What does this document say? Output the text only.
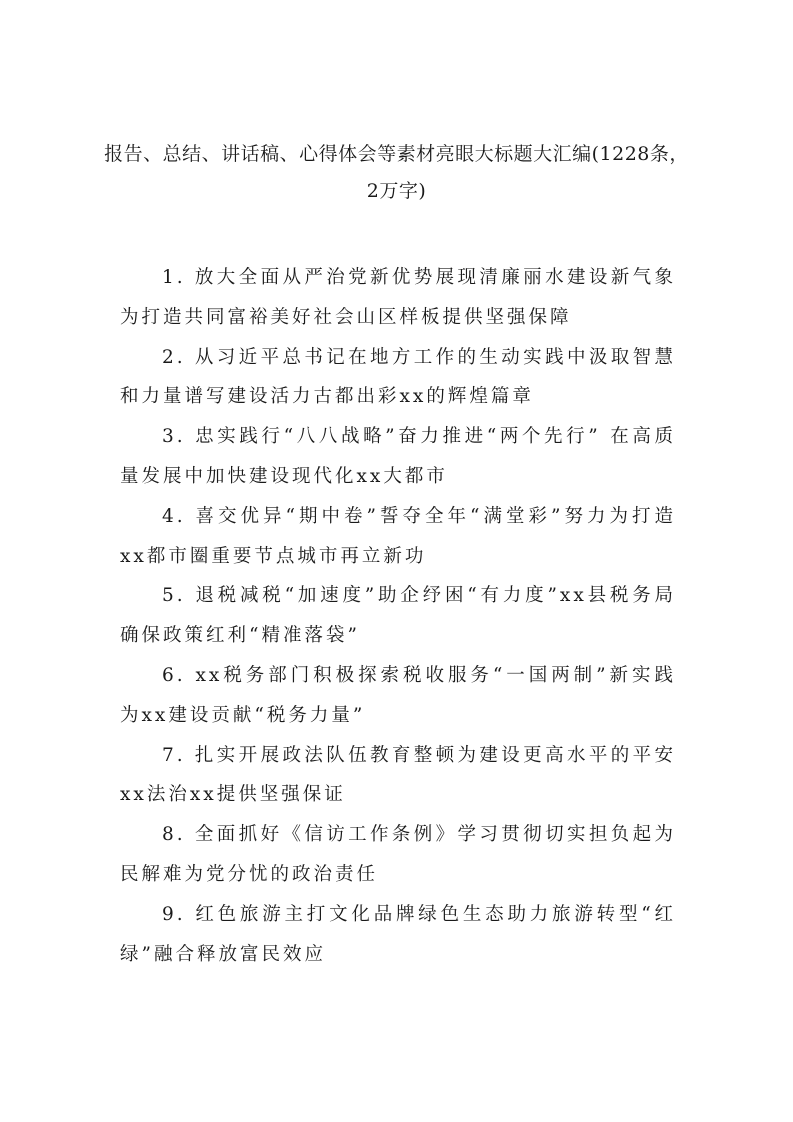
报告、总结、讲话稿、心得体会等素材亮眼大标题大汇编(1228条，2万字)
1. 放大全面从严治党新优势展现清廉丽水建设新气象为打造共同富裕美好社会山区样板提供坚强保障
2. 从习近平总书记在地方工作的生动实践中汲取智慧和力量谱写建设活力古都出彩xx的辉煌篇章
3. 忠实践行“八八战略”奋力推进“两个先行” 在高质量发展中加快建设现代化xx大都市
4. 喜交优异“期中卷”誓夺全年“满堂彩”努力为打造xx都市圈重要节点城市再立新功
5. 退税减税“加速度”助企纾困“有力度”xx县税务局确保政策红利“精准落袋”
6. xx税务部门积极探索税收服务“一国两制”新实践为xx建设贡献“税务力量”
7. 扎实开展政法队伍教育整顿为建设更高水平的平安xx法治xx提供坚强保证
8. 全面抓好《信访工作条例》学习贯彻切实担负起为民解难为党分忧的政治责任
9. 红色旅游主打文化品牌绿色生态助力旅游转型“红绿”融合释放富民效应
